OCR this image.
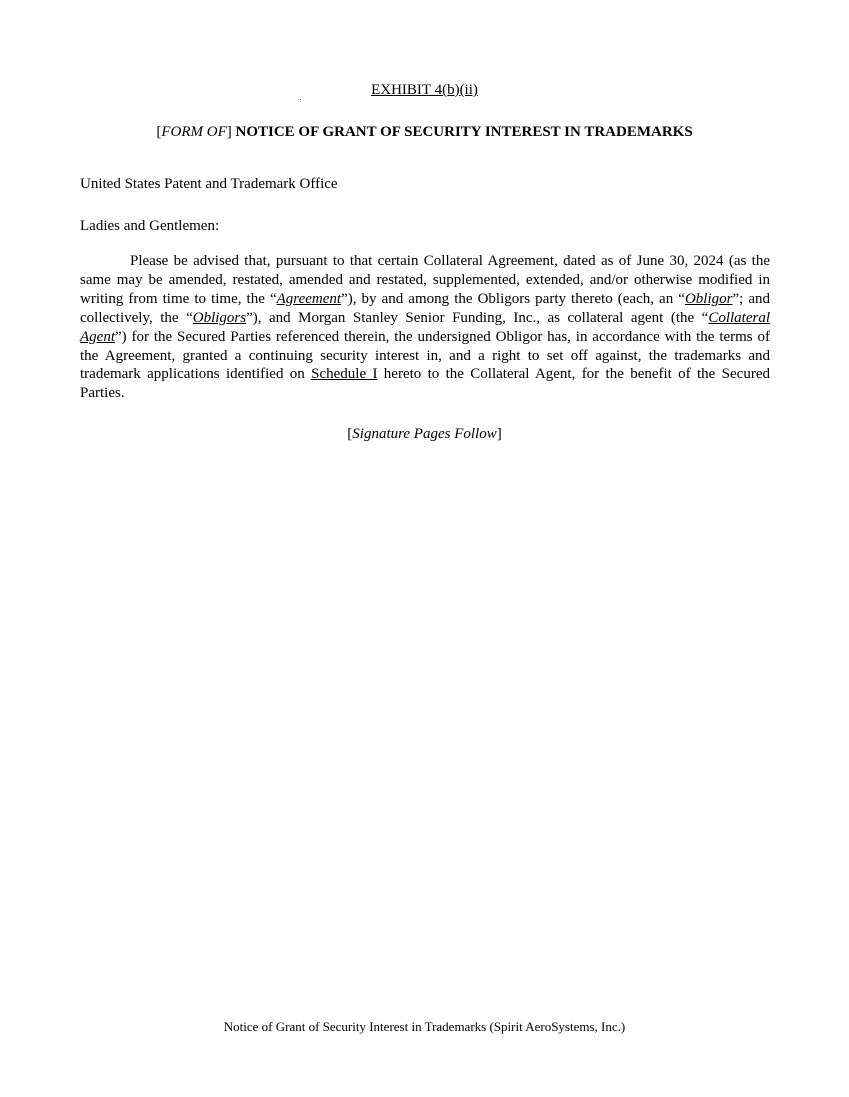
EXHIBIT 4(b)(ii)
[FORM OF] NOTICE OF GRANT OF SECURITY INTEREST IN TRADEMARKS
United States Patent and Trademark Office
Ladies and Gentlemen:
Please be advised that, pursuant to that certain Collateral Agreement, dated as of June 30, 2024 (as the same may be amended, restated, amended and restated, supplemented, extended, and/or otherwise modified in writing from time to time, the “Agreement”), by and among the Obligors party thereto (each, an “Obligor”; and collectively, the “Obligors”), and Morgan Stanley Senior Funding, Inc., as collateral agent (the “Collateral Agent”) for the Secured Parties referenced therein, the undersigned Obligor has, in accordance with the terms of the Agreement, granted a continuing security interest in, and a right to set off against, the trademarks and trademark applications identified on Schedule I hereto to the Collateral Agent, for the benefit of the Secured Parties.
[Signature Pages Follow]
Notice of Grant of Security Interest in Trademarks (Spirit AeroSystems, Inc.)
